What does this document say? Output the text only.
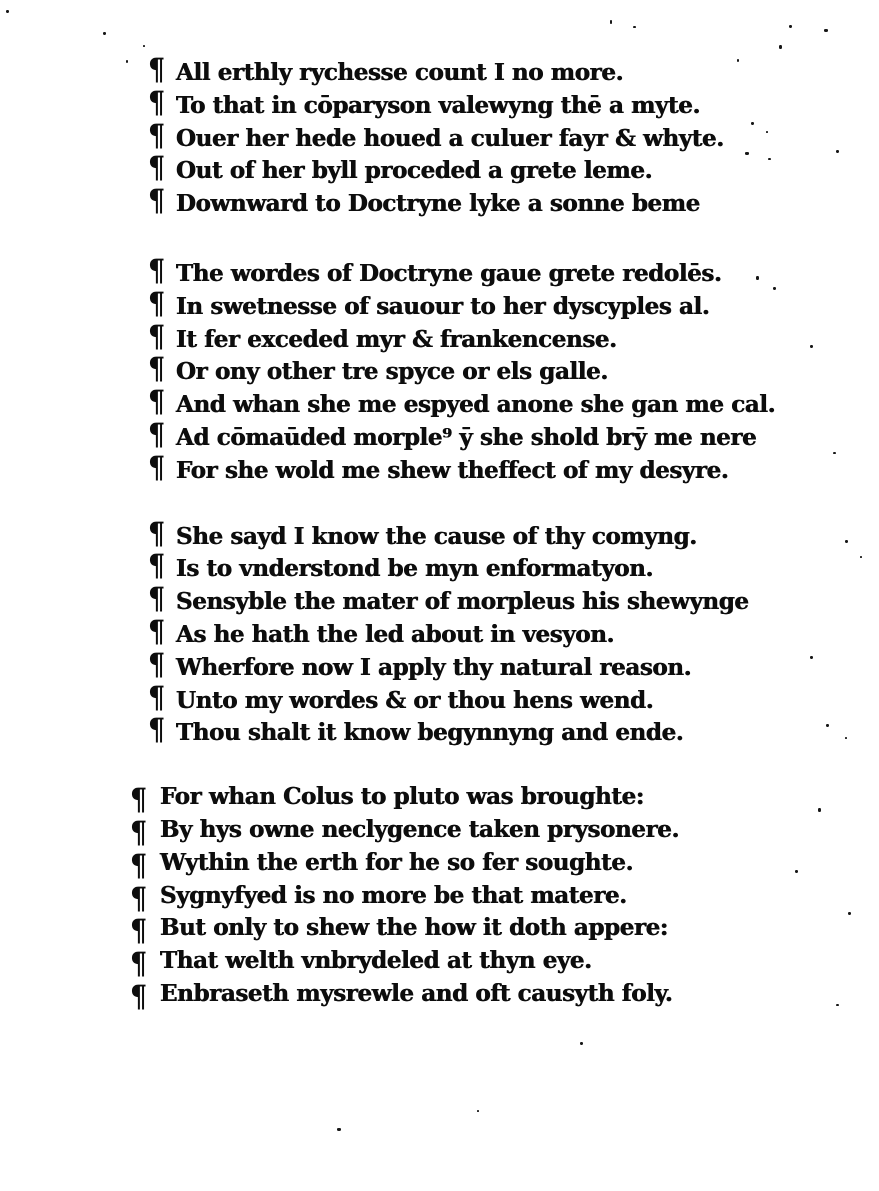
¶ All erthly rychesse count I no more.
¶ To that in cōparyson valewyng thē a myte.
¶ Ouer her hede houed a culuer fayr & whyte.
¶ Out of her byll proceded a grete leme.
¶ Downward to Doctryne lyke a sonne beme
¶ The wordes of Doctryne gaue grete redolēs.
¶ In swetnesse of sauour to her dyscyples al.
¶ It fer exceded myr & frankencense.
¶ Or ony other tre spyce or els galle.
¶ And whan she me espyed anone she gan me cal.
¶ Ad cōmaūded morple⁹ ȳ she shold brȳ me nere
¶ For she wold me shew theffect of my desyre.
¶ She sayd I know the cause of thy comyng.
¶ Is to vnderstond be myn enformatyon.
¶ Sensyble the mater of morpleus his shewynge
¶ As he hath the led about in vesyon.
¶ Wherfore now I apply thy natural reason.
¶ Unto my wordes & or thou hens wend.
¶ Thou shalt it know begynnyng and ende.
¶ For whan Colus to pluto was broughte:
¶ By hys owne neclygence taken prysonere.
¶ Wythin the erth for he so fer soughte.
¶ Sygnyfyed is no more be that matere.
¶ But only to shew the how it doth appere:
¶ That welth vnbrydeled at thyn eye.
¶ Enbraseth mysrewle and oft causyth foly.
